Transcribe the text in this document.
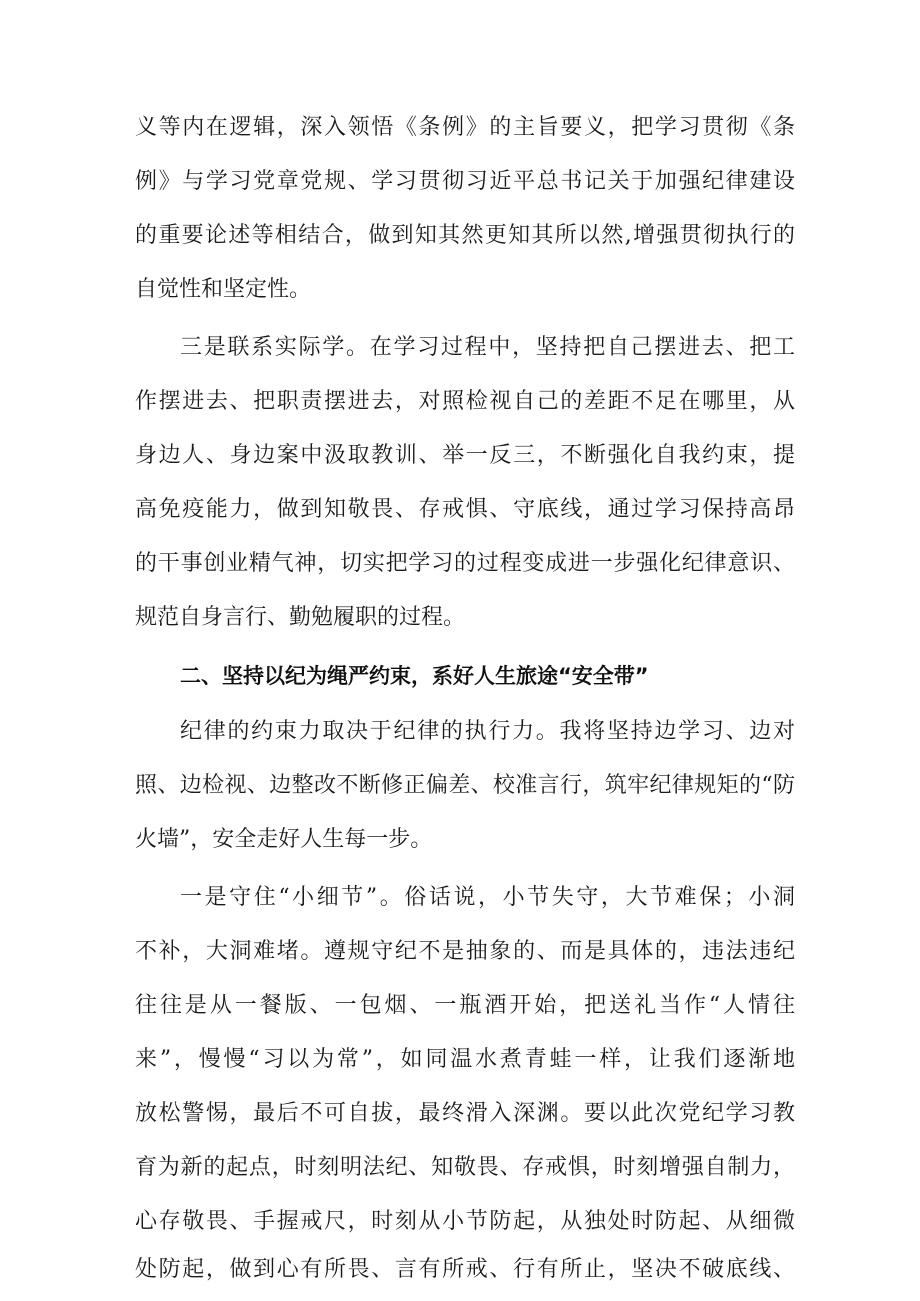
义等内在逻辑，深入领悟《条例》的主旨要义，把学习贯彻《条
例》与学习党章党规、学习贯彻习近平总书记关于加强纪律建设
的重要论述等相结合，做到知其然更知其所以然,增强贯彻执行的
自觉性和坚定性。
三是联系实际学。在学习过程中，坚持把自己摆进去、把工
作摆进去、把职责摆进去，对照检视自己的差距不足在哪里，从
身边人、身边案中汲取教训、举一反三，不断强化自我约束，提
高免疫能力，做到知敬畏、存戒惧、守底线，通过学习保持高昂
的干事创业精气神，切实把学习的过程变成进一步强化纪律意识、
规范自身言行、勤勉履职的过程。
二、坚持以纪为绳严约束，系好人生旅途“安全带”
纪律的约束力取决于纪律的执行力。我将坚持边学习、边对
照、边检视、边整改不断修正偏差、校准言行，筑牢纪律规矩的“防
火墙”，安全走好人生每一步。
一是守住“小细节”。俗话说，小节失守，大节难保；小洞
不补，大洞难堵。遵规守纪不是抽象的、而是具体的，违法违纪
往往是从一餐版、一包烟、一瓶酒开始，把送礼当作“人情往
来”，慢慢“习以为常”，如同温水煮青蛙一样，让我们逐渐地
放松警惕，最后不可自拔，最终滑入深渊。要以此次党纪学习教
育为新的起点，时刻明法纪、知敬畏、存戒惧，时刻增强自制力，
心存敬畏、手握戒尺，时刻从小节防起，从独处时防起、从细微
处防起，做到心有所畏、言有所戒、行有所止，坚决不破底线、
